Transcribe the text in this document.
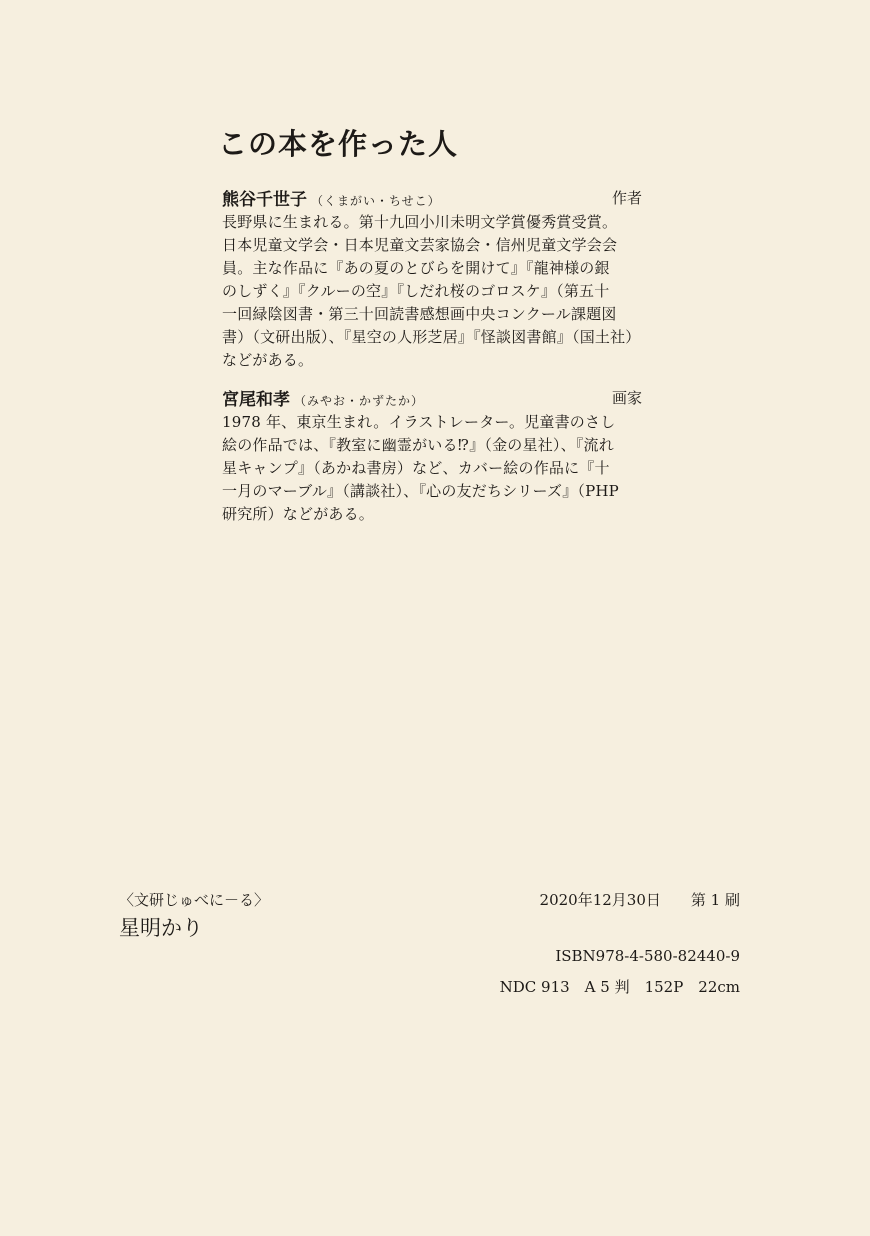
この本を作った人
熊谷千世子 （くまがい・ちせこ）	作者
長野県に生まれる。第十九回小川未明文学賞優秀賞受賞。
日本児童文学会・日本児童文芸家協会・信州児童文学会会
員。主な作品に『あの夏のとびらを開けて』『龍神様の銀
のしずく』『クルーの空』『しだれ桜のゴロスケ』（第五十
一回緑陰図書・第三十回読書感想画中央コンクール課題図
書）（文研出版）、『星空の人形芝居』『怪談図書館』（国土社）
などがある。
宮尾和孝 （みやお・かずたか）	画家
1978 年、東京生まれ。イラストレーター。児童書のさし
絵の作品では、『教室に幽霊がいる⁉』（金の星社）、『流れ
星キャンプ』（あかね書房）など、カバー絵の作品に『十
一月のマーブル』（講談社）、『心の友だちシリーズ』（PHP
研究所）などがある。
〈文研じゅべに－る〉
星明かり
2020年12月30日 第 1 刷
ISBN978-4-580-82440-9
NDC 913　A 5 判　152P　22cm
